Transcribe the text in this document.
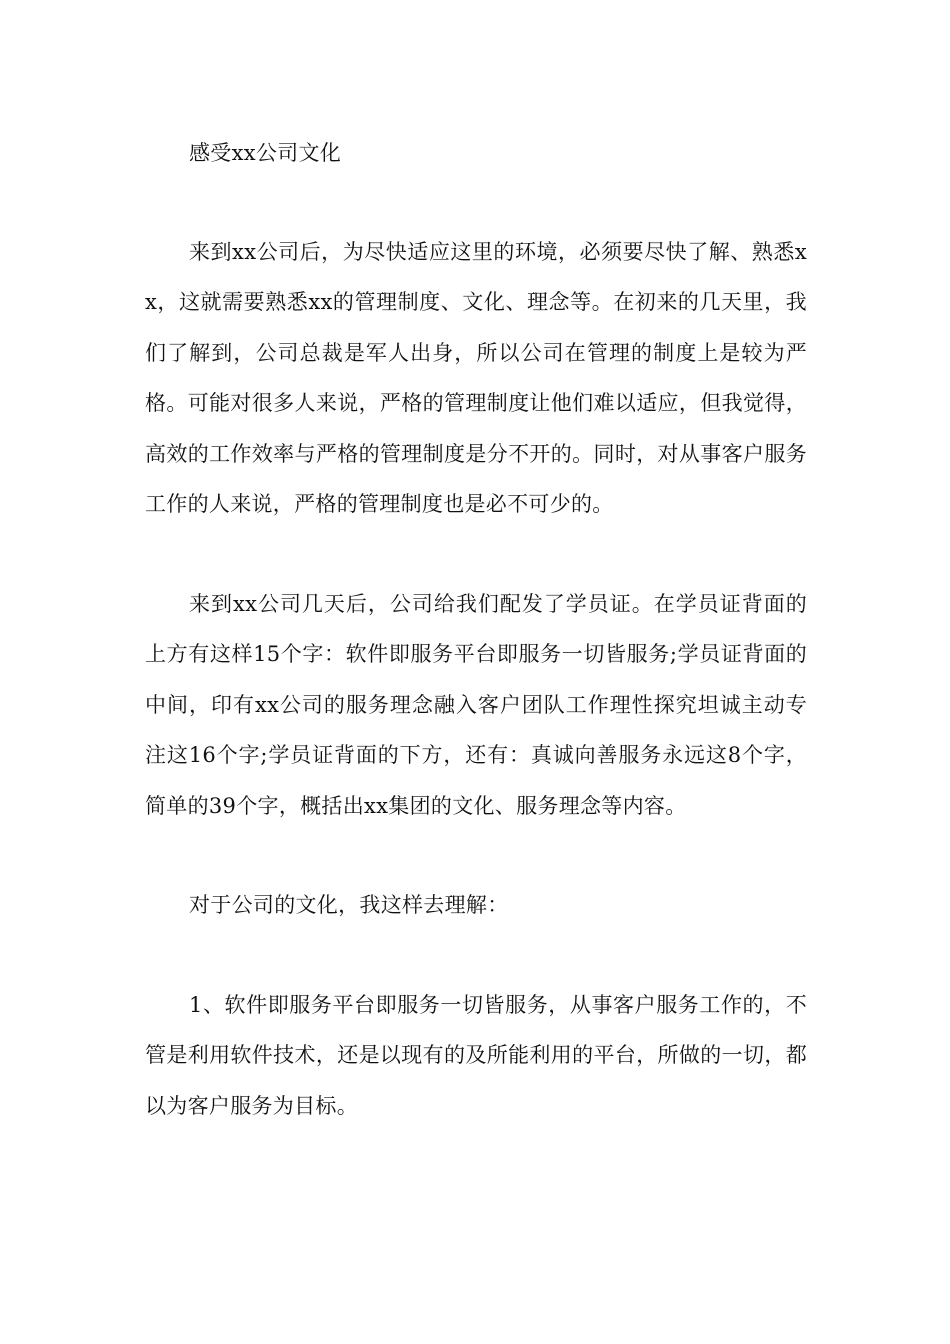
感受xx公司文化

来到xx公司后，为尽快适应这里的环境，必须要尽快了解、熟悉xx，这就需要熟悉xx的管理制度、文化、理念等。在初来的几天里，我们了解到，公司总裁是军人出身，所以公司在管理的制度上是较为严格。可能对很多人来说，严格的管理制度让他们难以适应，但我觉得，高效的工作效率与严格的管理制度是分不开的。同时，对从事客户服务工作的人来说，严格的管理制度也是必不可少的。

来到xx公司几天后，公司给我们配发了学员证。在学员证背面的上方有这样15个字：软件即服务平台即服务一切皆服务;学员证背面的中间，印有xx公司的服务理念融入客户团队工作理性探究坦诚主动专注这16个字;学员证背面的下方，还有：真诚向善服务永远这8个字，简单的39个字，概括出xx集团的文化、服务理念等内容。

对于公司的文化，我这样去理解：

1、软件即服务平台即服务一切皆服务，从事客户服务工作的，不管是利用软件技术，还是以现有的及所能利用的平台，所做的一切，都以为客户服务为目标。
